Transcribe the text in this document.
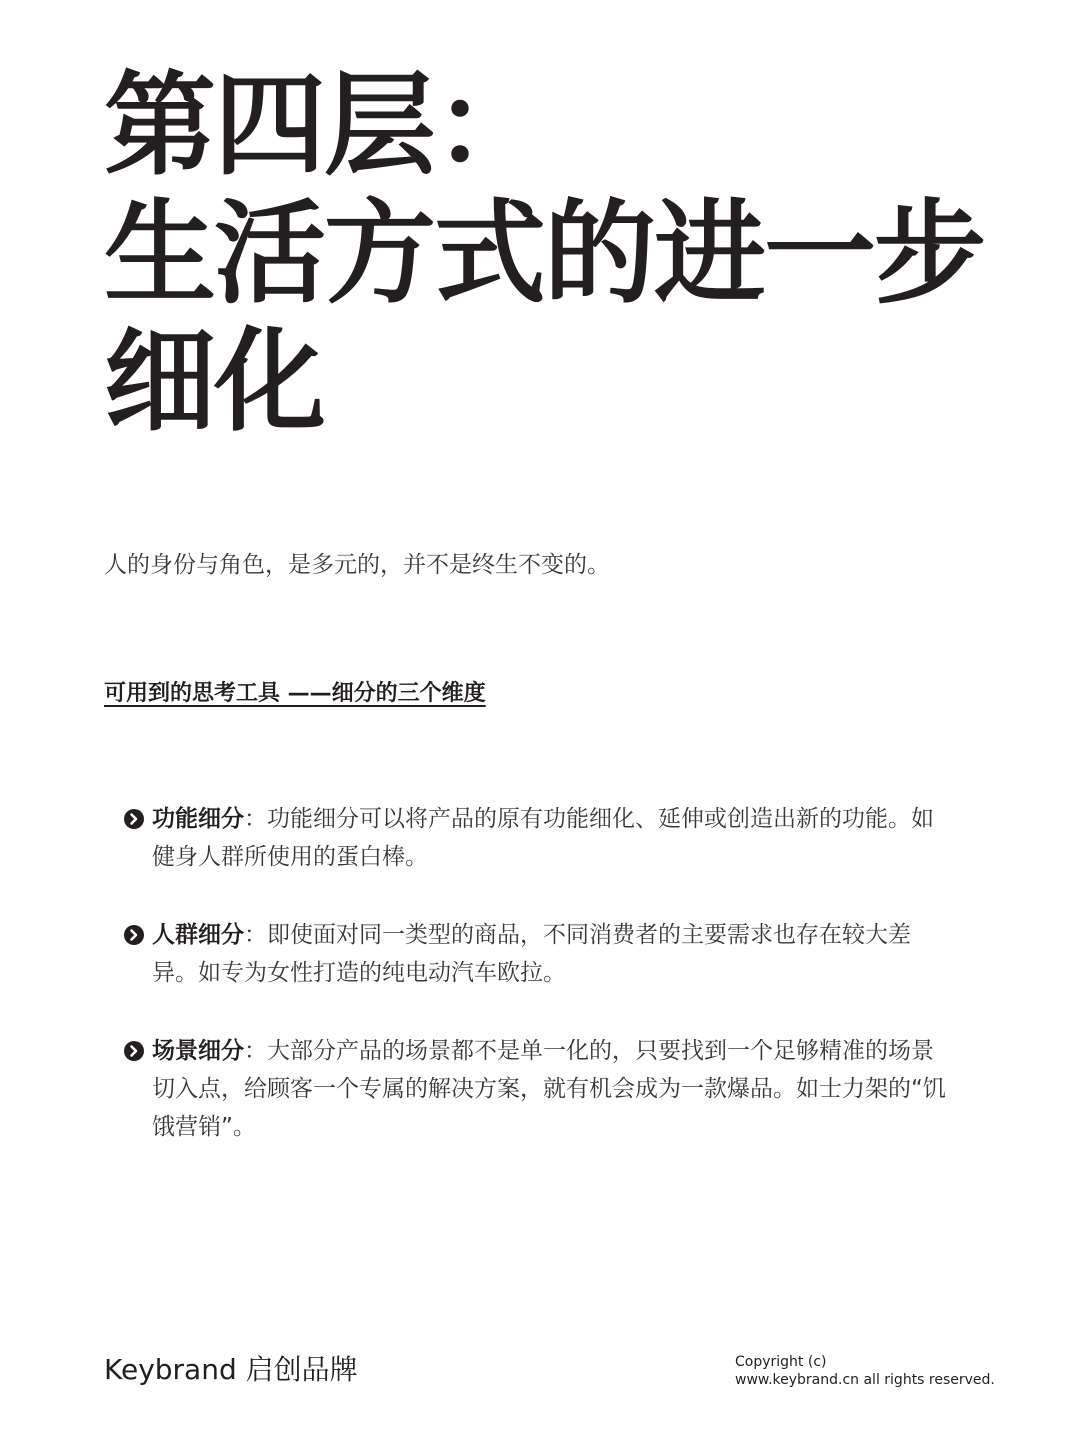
第四层：
生活方式的进一步
细化
人的身份与角色，是多元的，并不是终生不变的。
可用到的思考工具 ——细分的三个维度
功能细分：功能细分可以将产品的原有功能细化、延伸或创造出新的功能。如健身人群所使用的蛋白棒。
人群细分：即使面对同一类型的商品，不同消费者的主要需求也存在较大差异。如专为女性打造的纯电动汽车欧拉。
场景细分：大部分产品的场景都不是单一化的，只要找到一个足够精准的场景切入点，给顾客一个专属的解决方案，就有机会成为一款爆品。如士力架的“饥饿营销”。
Keybrand 启创品牌	Copyright (c)
www.keybrand.cn all rights reserved.
